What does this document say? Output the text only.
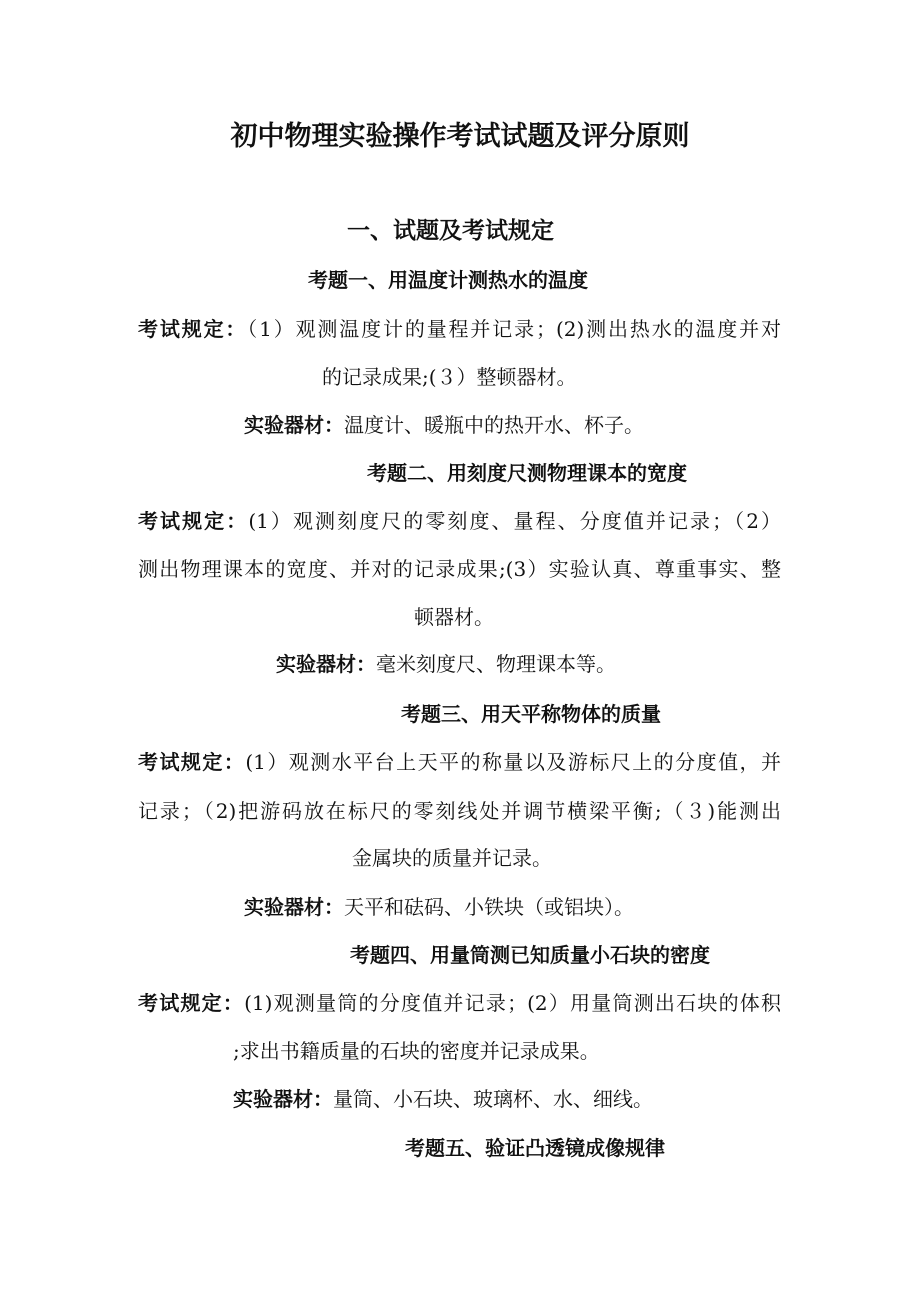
初中物理实验操作考试试题及评分原则
一、试题及考试规定
考题一、用温度计测热水的温度
考试规定：（1）观测温度计的量程并记录；(2)测出热水的温度并对
的记录成果;(３）整顿器材。
实验器材：温度计、暖瓶中的热开水、杯子。
考题二、用刻度尺测物理课本的宽度
考试规定：(1）观测刻度尺的零刻度、量程、分度值并记录；（2）
测出物理课本的宽度、并对的记录成果;(3）实验认真、尊重事实、整
顿器材。
实验器材：毫米刻度尺、物理课本等。
考题三、用天平称物体的质量
考试规定：(1）观测水平台上天平的称量以及游标尺上的分度值，并
记录；（2)把游码放在标尺的零刻线处并调节横梁平衡;（３)能测出
金属块的质量并记录。
实验器材：天平和砝码、小铁块（或铝块）。
考题四、用量筒测已知质量小石块的密度
考试规定：(1)观测量筒的分度值并记录；(2）用量筒测出石块的体积
;求出书籍质量的石块的密度并记录成果。
实验器材：量筒、小石块、玻璃杯、水、细线。
考题五、验证凸透镜成像规律
